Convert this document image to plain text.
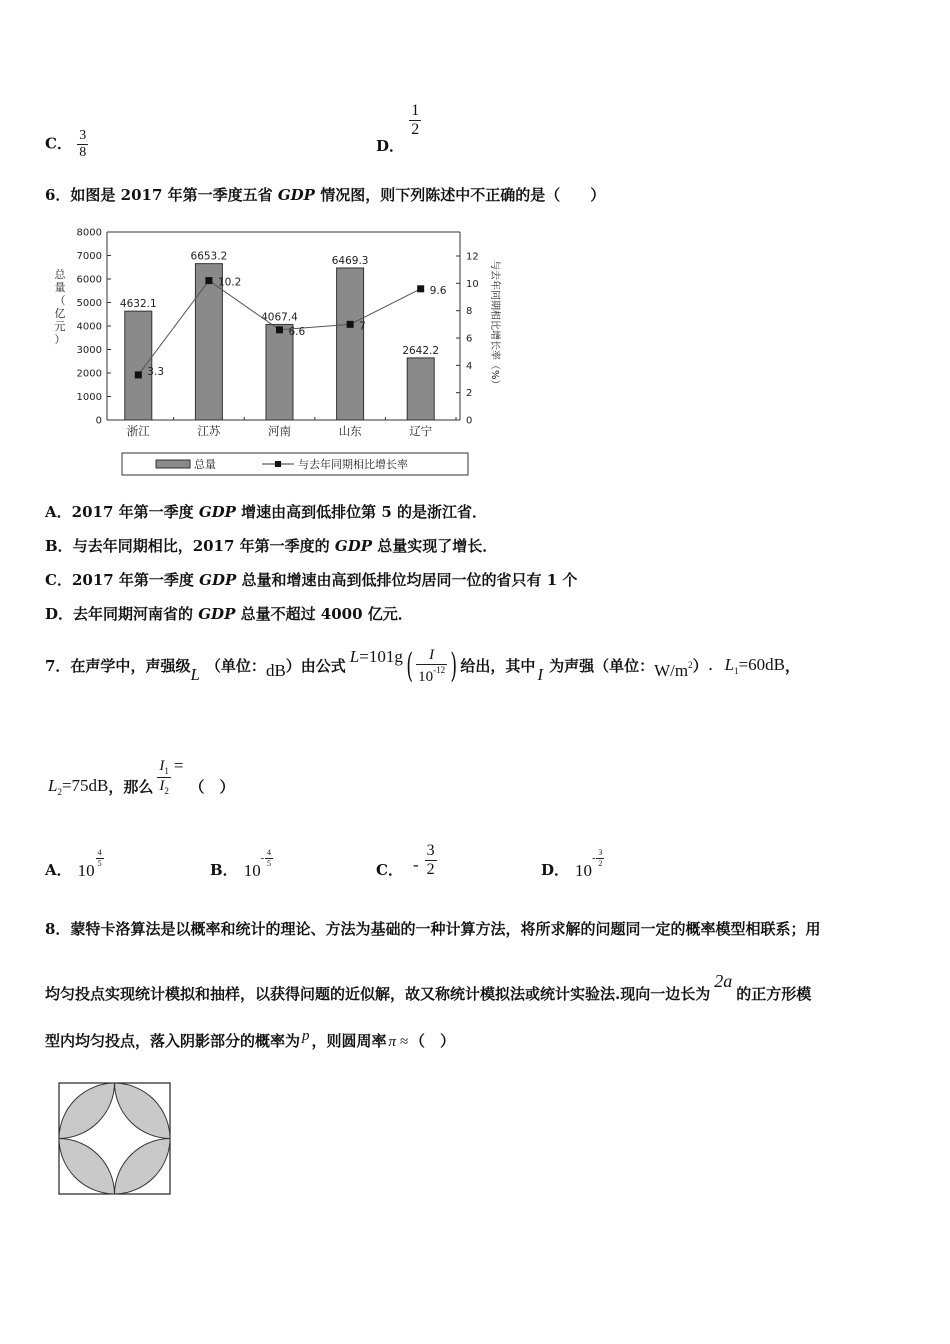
C． $\frac{3}{8}$	D．
$\frac{1}{2}$
6．如图是 2017 年第一季度五省 GDP 情况图，则下列陈述中不正确的是（　　）
0
1000
2000
3000
4000
5000
6000
7000
8000
0
2
4
6
8
10
12
总
量
（
亿
元
）	与去年同期相比增长率（%）
4632.1
浙江
6653.2
江苏
4067.4
河南
6469.3
山东
2642.2
辽宁
3.3
10.2
6.6	7
9.6
总量	与去年同期相比增长率
A．2017 年第一季度 GDP 增速由高到低排位第 5 的是浙江省．
B．与去年同期相比，2017 年第一季度的 GDP 总量实现了增长．
C．2017 年第一季度 GDP 总量和增速由高到低排位均居同一位的省只有 1 个
D．去年同期河南省的 GDP 总量不超过 4000 亿元．
7．在声学中，声强级 L （单位： dB ）由公式 L=101g ( $\frac{I}{10^{-12}}$ ) 给出，其中 I 为声强（单位： $W/m^2$ ） ．$L_1=60dB$ ，
$L_2=75dB$ ，那么 $\frac{I_1}{I_2}$ =
（　）
A． 10
$\frac{4}{5}$
B． 10
- $\frac{4}{5}$
C． - $\frac{3}{2}$	D． 10
- $\frac{3}{2}$
8．蒙特卡洛算法是以概率和统计的理论、方法为基础的一种计算方法，将所求解的问题同一定的概率模型相联系；用
均匀投点实现统计模拟和抽样，以获得问题的近似解，故又称统计模拟法或统计实验法.现向一边长为2a的正方形模
型内均匀投点，落入阴影部分的概率为 p ，则圆周率 π ≈ （　）
